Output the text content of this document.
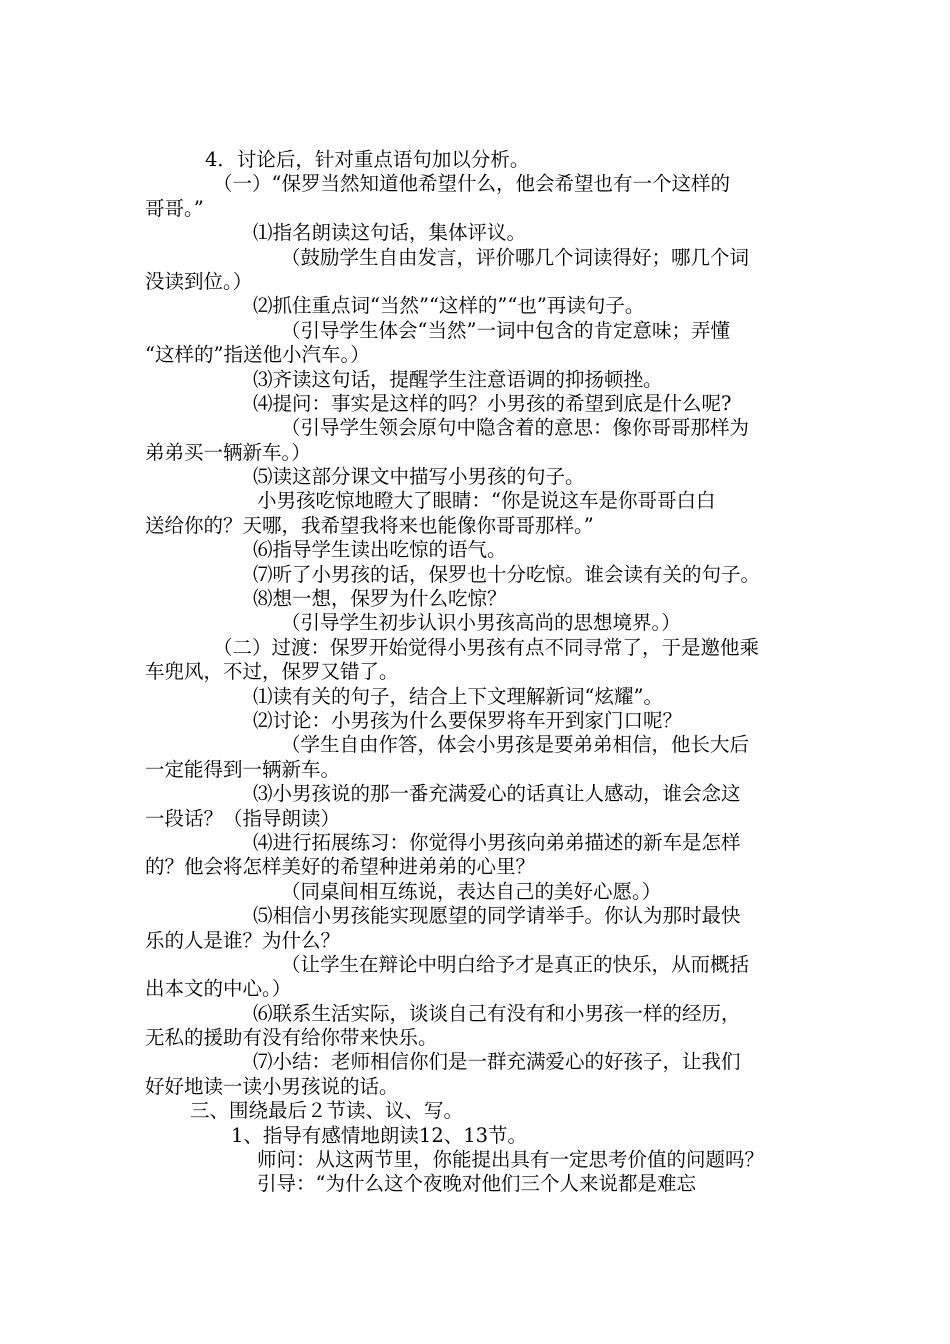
4．讨论后，针对重点语句加以分析。
（一）“保罗当然知道他希望什么，他会希望也有一个这样的
哥哥。”
⑴指名朗读这句话，集体评议。
（鼓励学生自由发言，评价哪几个词读得好；哪几个词
没读到位。）
⑵抓住重点词“当然”“这样的”“也”再读句子。
（引导学生体会“当然”一词中包含的肯定意味；弄懂
“这样的”指送他小汽车。）
⑶齐读这句话，提醒学生注意语调的抑扬顿挫。
⑷提问：事实是这样的吗？小男孩的希望到底是什么呢?
（引导学生领会原句中隐含着的意思：像你哥哥那样为
弟弟买一辆新车。）
⑸读这部分课文中描写小男孩的句子。
小男孩吃惊地瞪大了眼睛：“你是说这车是你哥哥白白
送给你的？天哪，我希望我将来也能像你哥哥那样。”
⑹指导学生读出吃惊的语气。
⑺听了小男孩的话，保罗也十分吃惊。谁会读有关的句子。
⑻想一想，保罗为什么吃惊？
（引导学生初步认识小男孩高尚的思想境界。）
（二）过渡：保罗开始觉得小男孩有点不同寻常了，于是邀他乘
车兜风，不过，保罗又错了。
⑴读有关的句子，结合上下文理解新词“炫耀”。
⑵讨论：小男孩为什么要保罗将车开到家门口呢？
（学生自由作答，体会小男孩是要弟弟相信，他长大后
一定能得到一辆新车。
⑶小男孩说的那一番充满爱心的话真让人感动，谁会念这
一段话？（指导朗读）
⑷进行拓展练习：你觉得小男孩向弟弟描述的新车是怎样
的？他会将怎样美好的希望种进弟弟的心里？
（同桌间相互练说，表达自己的美好心愿。）
⑸相信小男孩能实现愿望的同学请举手。你认为那时最快
乐的人是谁？为什么？
（让学生在辩论中明白给予才是真正的快乐，从而概括
出本文的中心。）
⑹联系生活实际，谈谈自己有没有和小男孩一样的经历，
无私的援助有没有给你带来快乐。
⑺小结：老师相信你们是一群充满爱心的好孩子，让我们
好好地读一读小男孩说的话。
三、围绕最后２节读、议、写。
1、指导有感情地朗读12、13节。
师问：从这两节里，你能提出具有一定思考价值的问题吗？
引导：“为什么这个夜晚对他们三个人来说都是难忘
